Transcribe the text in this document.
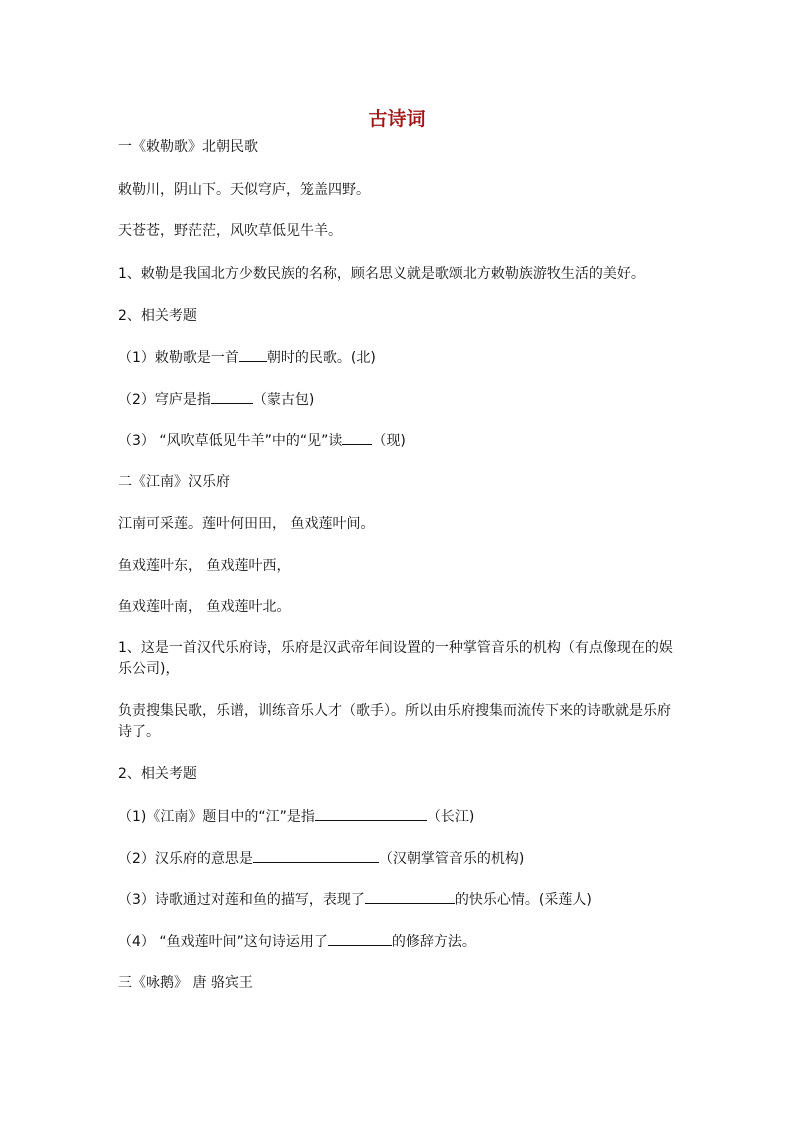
古诗词
一《敕勒歌》北朝民歌
敕勒川，阴山下。天似穹庐，笼盖四野。
天苍苍，野茫茫，风吹草低见牛羊。
1、敕勒是我国北方少数民族的名称，顾名思义就是歌颂北方敕勒族游牧生活的美好。
2、相关考题
（1）敕勒歌是一首 朝时的民歌。(北)
（2）穹庐是指	（蒙古包)
（3） “风吹草低见牛羊”中的“见”读 （现)
二《江南》汉乐府
江南可采莲。莲叶何田田， 鱼戏莲叶间。
鱼戏莲叶东， 鱼戏莲叶西，
鱼戏莲叶南， 鱼戏莲叶北。
1、这是一首汉代乐府诗，乐府是汉武帝年间设置的一种掌管音乐的机构（有点像现在的娱乐公司)，
负责搜集民歌，乐谱，训练音乐人才（歌手）。所以由乐府搜集而流传下来的诗歌就是乐府诗了。
2、相关考题
（1)《江南》题目中的“江”是指	（长江)
（2）汉乐府的意思是	（汉朝掌管音乐的机构)
（3）诗歌通过对莲和鱼的描写，表现了	的快乐心情。(采莲人)
（4） “鱼戏莲叶间”这句诗运用了	的修辞方法。
三《咏鹅》 唐 骆宾王
